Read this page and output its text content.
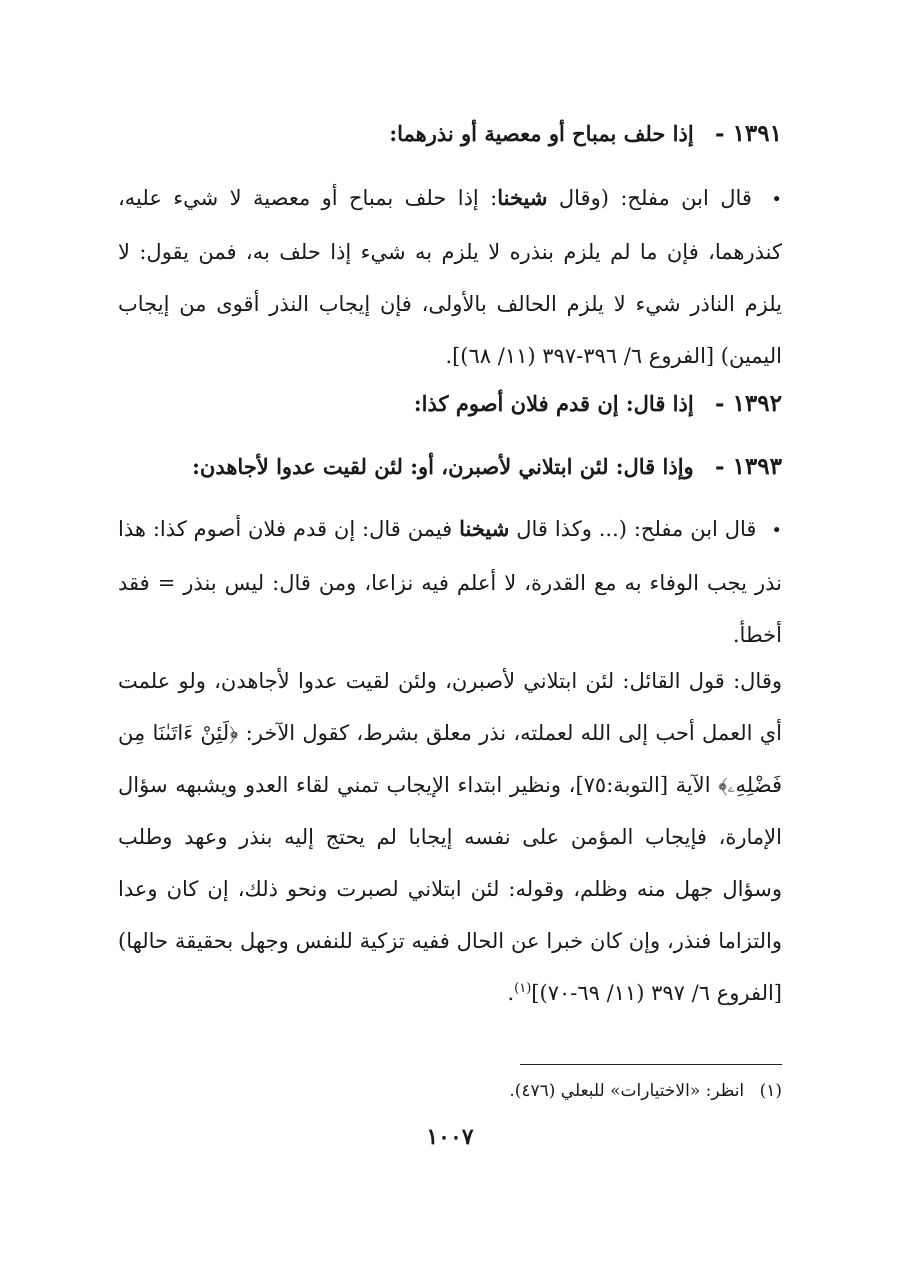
١٣٩١ - إذا حلف بمباح أو معصية أو نذرهما:
• قال ابن مفلح: (وقال شيخنا: إذا حلف بمباح أو معصية لا شيء عليه، كنذرهما، فإن ما لم يلزم بنذره لا يلزم به شيء إذا حلف به، فمن يقول: لا يلزم الناذر شيء لا يلزم الحالف بالأولى، فإن إيجاب النذر أقوى من إيجاب اليمين) [الفروع ٦/ ٣٩٦-٣٩٧ (١١/ ٦٨)].
١٣٩٢ - إذا قال: إن قدم فلان أصوم كذا:
١٣٩٣ - وإذا قال: لئن ابتلاني لأصبرن، أو: لئن لقيت عدوا لأجاهدن:
• قال ابن مفلح: (... وكذا قال شيخنا فيمن قال: إن قدم فلان أصوم كذا: هذا نذر يجب الوفاء به مع القدرة، لا أعلم فيه نزاعا، ومن قال: ليس بنذر = فقد أخطأ.
وقال: قول القائل: لئن ابتلاني لأصبرن، ولئن لقيت عدوا لأجاهدن، ولو علمت أي العمل أحب إلى الله لعملته، نذر معلق بشرط، كقول الآخر: ﴿لَئِنْ ءَاتَىٰنَا مِن فَضْلِهِۦ﴾ الآية [التوبة:٧٥]، ونظير ابتداء الإيجاب تمني لقاء العدو ويشبهه سؤال الإمارة، فإيجاب المؤمن على نفسه إيجابا لم يحتج إليه بنذر وعهد وطلب وسؤال جهل منه وظلم، وقوله: لئن ابتلاني لصبرت ونحو ذلك، إن كان وعدا والتزاما فنذر، وإن كان خبرا عن الحال ففيه تزكية للنفس وجهل بحقيقة حالها) [الفروع ٦/ ٣٩٧ (١١/ ٦٩-٧٠)]$^{(١)}$.
(١) انظر: «الاختيارات» للبعلي (٤٧٦).
١٠٠٧
